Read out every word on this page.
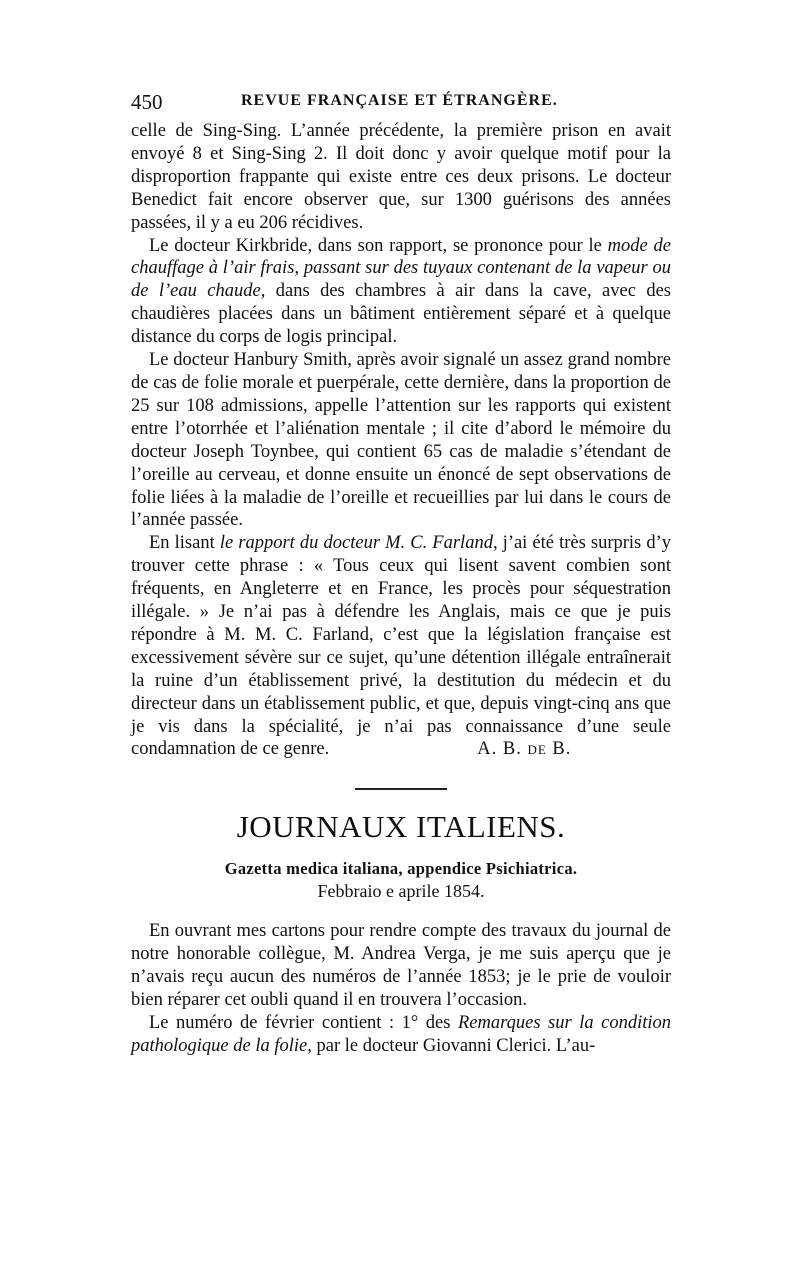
450	REVUE FRANÇAISE ET ÉTRANGÈRE.

celle de Sing-Sing. L’année précédente, la première prison en avait envoyé 8 et Sing-Sing 2. Il doit donc y avoir quelque motif pour la disproportion frappante qui existe entre ces deux prisons. Le docteur Benedict fait encore observer que, sur 1300 guérisons des années passées, il y a eu 206 récidives.

Le docteur Kirkbride, dans son rapport, se prononce pour le mode de chauffage à l’air frais, passant sur des tuyaux contenant de la vapeur ou de l’eau chaude, dans des chambres à air dans la cave, avec des chaudières placées dans un bâtiment entièrement séparé et à quelque distance du corps de logis principal.

Le docteur Hanbury Smith, après avoir signalé un assez grand nombre de cas de folie morale et puerpérale, cette dernière, dans la proportion de 25 sur 108 admissions, appelle l’attention sur les rapports qui existent entre l’otorrhée et l’aliénation mentale ; il cite d’abord le mémoire du docteur Joseph Toynbee, qui contient 65 cas de maladie s’étendant de l’oreille au cerveau, et donne ensuite un énoncé de sept observations de folie liées à la maladie de l’oreille et recueillies par lui dans le cours de l’année passée.

En lisant le rapport du docteur M. C. Farland, j’ai été très surpris d’y trouver cette phrase : « Tous ceux qui lisent savent combien sont fréquents, en Angleterre et en France, les procès pour séquestration illégale. » Je n’ai pas à défendre les Anglais, mais ce que je puis répondre à M. M. C. Farland, c’est que la législation française est excessivement sévère sur ce sujet, qu’une détention illégale entraînerait la ruine d’un établissement privé, la destitution du médecin et du directeur dans un établissement public, et que, depuis vingt-cinq ans que je vis dans la spécialité, je n’ai pas connaissance d’une seule condamnation de ce genre.        	A. B. de B.

JOURNAUX ITALIENS.
Gazetta medica italiana, appendice Psichiatrica.
Febbraio e aprile 1854.

En ouvrant mes cartons pour rendre compte des travaux du journal de notre honorable collègue, M. Andrea Verga, je me suis aperçu que je n’avais reçu aucun des numéros de l’année 1853; je le prie de vouloir bien réparer cet oubli quand il en trouvera l’occasion.

Le numéro de février contient : 1° des Remarques sur la condition pathologique de la folie, par le docteur Giovanni Clerici. L’au-
